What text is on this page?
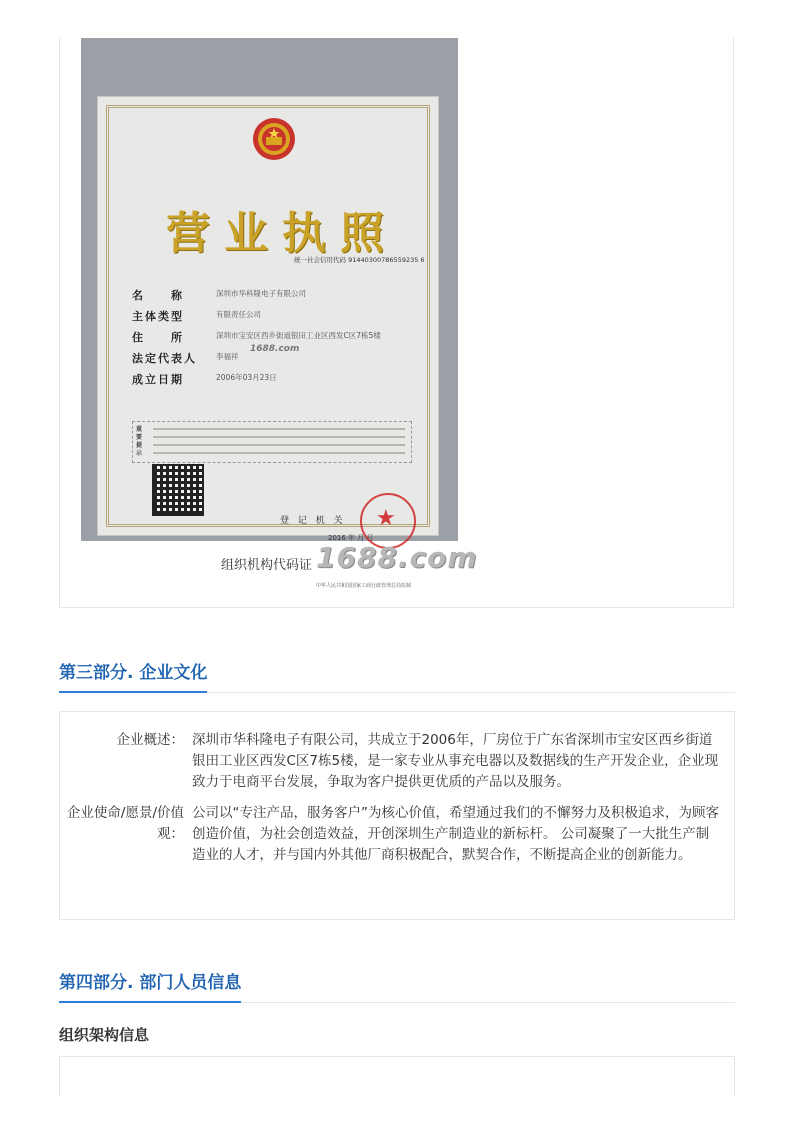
营业执照
统一社会信用代码 91440300786559235 6
名　　称	深圳市华科隆电子有限公司
主体类型	有限责任公司
住　　所	深圳市宝安区西乡街道银田工业区西发C区7栋5楼
法定代表人	李福祥
成立日期	2006年03月23日
1688.com
重要提示
登 记 机 关
2016 年 月 日
★
中华人民共和国国家工商行政管理总局监制
组织机构代码证 1688.com
第三部分. 企业文化
企业概述： 深圳市华科隆电子有限公司，共成立于2006年，厂房位于广东省深圳市宝安区西乡街道银田工业区西发C区7栋5楼，是一家专业从事充电器以及数据线的生产开发企业，企业现致力于电商平台发展，争取为客户提供更优质的产品以及服务。
企业使命/愿景/价值观：
公司以“专注产品，服务客户”为核心价值，希望通过我们的不懈努力及积极追求，为顾客创造价值，为社会创造效益，开创深圳生产制造业的新标杆。 公司凝聚了一大批生产制造业的人才，并与国内外其他厂商积极配合，默契合作，不断提高企业的创新能力。
第四部分. 部门人员信息
组织架构信息
